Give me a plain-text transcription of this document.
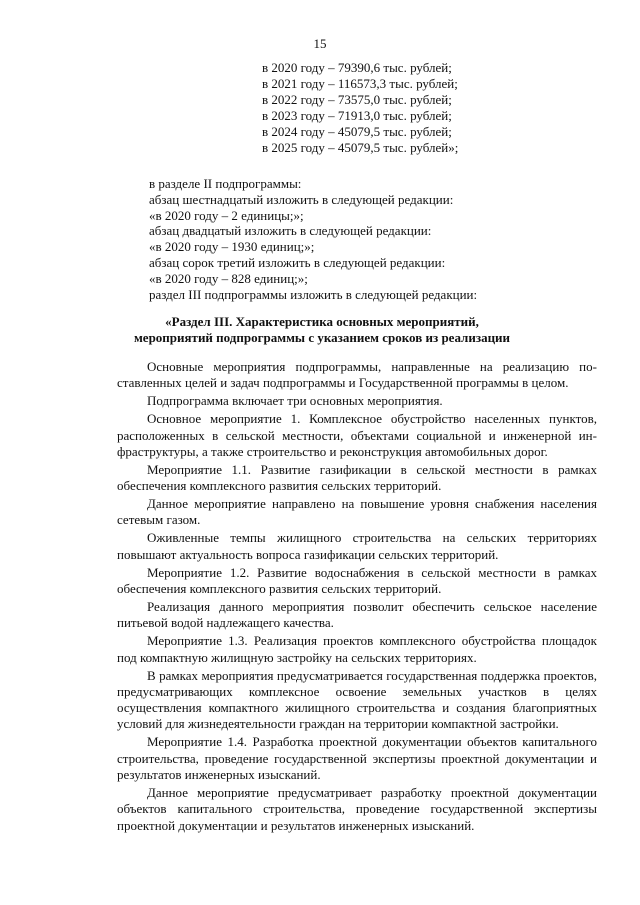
15
в 2020 году – 79390,6 тыс. рублей;
в 2021 году – 116573,3 тыс. рублей;
в 2022 году – 73575,0 тыс. рублей;
в 2023 году – 71913,0 тыс. рублей;
в 2024 году – 45079,5 тыс. рублей;
в 2025 году – 45079,5 тыс. рублей»;
в разделе II подпрограммы:
абзац шестнадцатый изложить в следующей редакции:
«в 2020 году – 2 единицы;»;
абзац двадцатый изложить в следующей редакции:
«в 2020 году – 1930 единиц;»;
абзац сорок третий изложить в следующей редакции:
«в 2020 году – 828 единиц;»;
раздел III подпрограммы изложить в следующей редакции:
«Раздел III. Характеристика основных мероприятий,
мероприятий подпрограммы с указанием сроков из реализации

Основные мероприятия подпрограммы, направленные на реализацию поставленных целей и задач подпрограммы и Государственной программы в целом.

Подпрограмма включает три основных мероприятия.

Основное мероприятие 1. Комплексное обустройство населенных пунктов, расположенных в сельской местности, объектами социальной и инженерной инфраструктуры, а также строительство и реконструкция автомобильных дорог.

Мероприятие 1.1. Развитие газификации в сельской местности в рамках обеспечения комплексного развития сельских территорий.

Данное мероприятие направлено на повышение уровня снабжения населения сетевым газом.

Оживленные темпы жилищного строительства на сельских территориях повышают актуальность вопроса газификации сельских территорий.

Мероприятие 1.2. Развитие водоснабжения в сельской местности в рамках обеспечения комплексного развития сельских территорий.

Реализация данного мероприятия позволит обеспечить сельское население питьевой водой надлежащего качества.

Мероприятие 1.3. Реализация проектов комплексного обустройства площадок под компактную жилищную застройку на сельских территориях.

В рамках мероприятия предусматривается государственная поддержка проектов, предусматривающих комплексное освоение земельных участков в целях осуществления компактного жилищного строительства и создания благоприятных условий для жизнедеятельности граждан на территории компактной застройки.

Мероприятие 1.4. Разработка проектной документации объектов капитального строительства, проведение государственной экспертизы проектной документации и результатов инженерных изысканий.

Данное мероприятие предусматривает разработку проектной документации объектов капитального строительства, проведение государственной экспертизы проектной документации и результатов инженерных изысканий.
